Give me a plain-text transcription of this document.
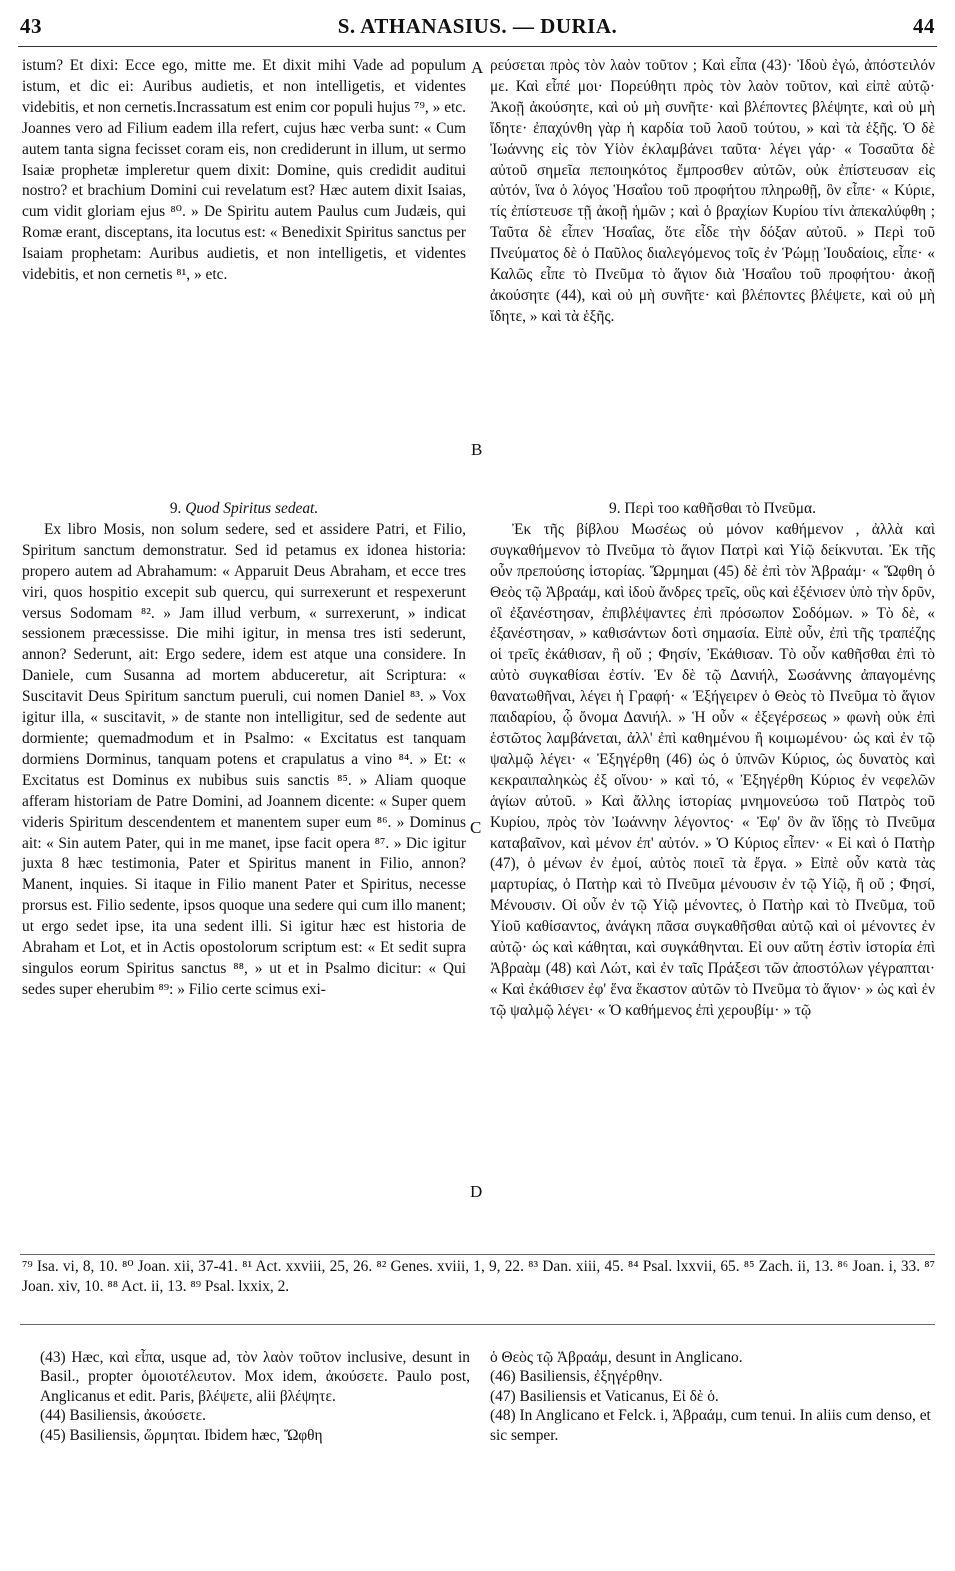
43	S. ATHANASIUS. — DURIA.	44

istum? Et dixi: Ecce ego, mitte me. Et dixit mihi Vade ad populum istum, et dic ei: Auribus audietis, et non intelligetis, et videntes videbitis, et non cernetis.Incrassatum est enim cor populi hujus ⁷⁹, » etc. Joannes vero ad Filium eadem illa refert, cujus hæc verba sunt: « Cum autem tanta signa fecisset coram eis, non crediderunt in illum, ut sermo Isaiæ prophetæ impleretur quem dixit: Domine, quis credidit auditui nostro? et brachium Domini cui revelatum est? Hæc autem dixit Isaias, cum vidit gloriam ejus ⁸⁰. » De Spiritu autem Paulus cum Judæis, qui Romæ erant, disceptans, ita locutus est: « Benedixit Spiritus sanctus per Isaiam prophetam: Auribus audietis, et non intelligetis, et videntes videbitis, et non cernetis ⁸¹, » etc.

ρεύσεται πρὸς τὸν λαὸν τοῦτον ; Καὶ εἶπα (43)· Ἰδοὺ ἐγώ, ἀπόστειλόν με. Καὶ εἶπέ μοι· Πορεύθητι πρὸς τὸν λαὸν τοῦτον, καὶ εἰπὲ αὐτῷ· Ἀκοῇ ἀκούσητε, καὶ οὐ μὴ συνῆτε· καὶ βλέποντες βλέψητε, καὶ οὐ μὴ ἴδητε· ἐπαχύνθη γὰρ ἡ καρδία τοῦ λαοῦ τούτου, » καὶ τὰ ἑξῆς. Ὁ δὲ Ἰωάννης εἰς τὸν Υἱὸν ἐκλαμβάνει ταῦτα· λέγει γάρ· « Τοσαῦτα δὲ αὐτοῦ σημεῖα πεποιηκότος ἔμπροσθεν αὐτῶν, οὐκ ἐπίστευσαν εἰς αὐτόν, ἵνα ὁ λόγος Ἡσαΐου τοῦ προφήτου πληρωθῇ, ὃν εἶπε· « Κύριε, τίς ἐπίστευσε τῇ ἀκοῇ ἡμῶν ; καὶ ὁ βραχίων Κυρίου τίνι ἀπεκαλύφθη ; Ταῦτα δὲ εἶπεν Ἡσαΐας, ὅτε εἶδε τὴν δόξαν αὐτοῦ. » Περὶ τοῦ Πνεύματος δὲ ὁ Παῦλος διαλεγόμενος τοῖς ἐν Ῥώμῃ Ἰουδαίοις, εἶπε· « Καλῶς εἶπε τὸ Πνεῦμα τὸ ἅγιον διὰ Ἡσαΐου τοῦ προφήτου· ἀκοῇ ἀκούσητε (44), καὶ οὐ μὴ συνῆτε· καὶ βλέποντες βλέψετε, καὶ οὐ μὴ ἴδητε, » καὶ τὰ ἑξῆς.

A
B
C
D

9. Quod Spiritus sedeat.

Ex libro Mosis, non solum sedere, sed et assidere Patri, et Filio, Spiritum sanctum demonstratur. Sed id petamus ex idonea historia: propero autem ad Abrahamum: « Apparuit Deus Abraham, et ecce tres viri, quos hospitio excepit sub quercu, qui surrexerunt et respexerunt versus Sodomam ⁸². » Jam illud verbum, « surrexerunt, » indicat sessionem præcessisse. Die mihi igitur, in mensa tres isti sederunt, annon? Sederunt, ait: Ergo sedere, idem est atque una considere. In Daniele, cum Susanna ad mortem abduceretur, ait Scriptura: « Suscitavit Deus Spiritum sanctum pueruli, cui nomen Daniel ⁸³. » Vox igitur illa, « suscitavit, » de stante non intelligitur, sed de sedente aut dormiente; quemadmodum et in Psalmo: « Excitatus est tanquam dormiens Dorminus, tanquam potens et crapulatus a vino ⁸⁴. » Et: « Excitatus est Dominus ex nubibus suis sanctis ⁸⁵. » Aliam quoque afferam historiam de Patre Domini, ad Joannem dicente: « Super quem videris Spiritum descendentem et manentem super eum ⁸⁶. » Dominus ait: « Sin autem Pater, qui in me manet, ipse facit opera ⁸⁷. » Dic igitur juxta 8 hæc testimonia, Pater et Spiritus manent in Filio, annon? Manent, inquies. Si itaque in Filio manent Pater et Spiritus, necesse prorsus est. Filio sedente, ipsos quoque una sedere qui cum illo manent; ut ergo sedet ipse, ita una sedent illi. Si igitur hæc est historia de Abraham et Lot, et in Actis opostolorum scriptum est: « Et sedit supra singulos eorum Spiritus sanctus ⁸⁸, » ut et in Psalmo dicitur: « Qui sedes super eherubim ⁸⁹: » Filio certe scimus exi-

9. Περὶ τοο καθῆσθαι τὸ Πνεῦμα.

Ἐκ τῆς βίβλου Μωσέως οὐ μόνον καθήμενον , ἀλλὰ καὶ συγκαθήμενον τὸ Πνεῦμα τὸ ἅγιον Πατρὶ καὶ Υἱῷ δείκνυται. Ἐκ τῆς οὖν πρεπούσης ἱστορίας. Ὥρμημαι (45) δὲ ἐπὶ τὸν Ἀβραάμ· « Ὤφθη ὁ Θεὸς τῷ Ἀβραάμ, καὶ ἰδοὺ ἄνδρες τρεῖς, οὓς καὶ ἐξένισεν ὑπὸ τὴν δρῦν, οἳ ἐξανέστησαν, ἐπιβλέψαντες ἐπὶ πρόσωπον Σοδόμων. » Τὸ δὲ, « ἐξανέστησαν, » καθισάντων δοτὶ σημασία. Εἰπὲ οὖν, ἐπὶ τῆς τραπέζης οἱ τρεῖς ἐκάθισαν, ἢ οὔ ; Φησίν, Ἐκάθισαν. Τὸ οὖν καθῆσθαι ἐπὶ τὸ αὐτὸ συγκαθίσαι ἐστίν. Ἐν δὲ τῷ Δανιήλ, Σωσάννης ἀπαγομένης θανατωθῆναι, λέγει ἡ Γραφή· « Ἐξήγειρεν ὁ Θεὸς τὸ Πνεῦμα τὸ ἅγιον παιδαρίου, ᾧ ὄνομα Δανιήλ. » Ἡ οὖν « ἐξεγέρσεως » φωνὴ οὐκ ἐπὶ ἑστῶτος λαμβάνεται, ἀλλ' ἐπὶ καθημένου ἢ κοιμωμένου· ὡς καὶ ἐν τῷ ψαλμῷ λέγει· « Ἐξηγέρθη (46) ὡς ὁ ὑπνῶν Κύριος, ὡς δυνατὸς καὶ κεκραιπαληκὼς ἐξ οἴνου· » καὶ τό, « Ἐξηγέρθη Κύριος ἐν νεφελῶν ἁγίων αὐτοῦ. » Καὶ ἄλλης ἱστορίας μνημονεύσω τοῦ Πατρὸς τοῦ Κυρίου, πρὸς τὸν Ἰωάννην λέγοντος· « Ἐφ' ὃν ἂν ἴδῃς τὸ Πνεῦμα καταβαῖνον, καὶ μένον ἐπ' αὐτόν. » Ὁ Κύριος εἶπεν· « Εἰ καὶ ὁ Πατὴρ (47), ὁ μένων ἐν ἐμοί, αὐτὸς ποιεῖ τὰ ἔργα. » Εἰπὲ οὖν κατὰ τὰς μαρτυρίας, ὁ Πατὴρ καὶ τὸ Πνεῦμα μένουσιν ἐν τῷ Υἱῷ, ἢ οὔ ; Φησί, Μένουσιν. Οἱ οὖν ἐν τῷ Υἱῷ μένοντες, ὁ Πατὴρ καὶ τὸ Πνεῦμα, τοῦ Υἱοῦ καθίσαντος, ἀνάγκη πᾶσα συγκαθῆσθαι αὐτῷ καὶ οἱ μένοντες ἐν αὐτῷ· ὡς καὶ κάθηται, καὶ συγκάθηνται. Εἰ ουν αὕτη ἐστὶν ἱστορία ἐπὶ Ἀβραὰμ (48) καὶ Λώτ, καὶ ἐν ταῖς Πράξεσι τῶν ἀποστόλων γέγραπται· « Καὶ ἐκάθισεν ἐφ' ἕνα ἕκαστον αὐτῶν τὸ Πνεῦμα τὸ ἅγιον· » ὡς καὶ ἐν τῷ ψαλμῷ λέγει· « Ὁ καθήμενος ἐπὶ χερουβίμ· » τῷ

⁷⁹ Isa. vi, 8, 10. ⁸⁰ Joan. xii, 37-41. ⁸¹ Act. xxviii, 25, 26. ⁸² Genes. xviii, 1, 9, 22. ⁸³ Dan. xiii, 45. ⁸⁴ Psal. lxxvii, 65. ⁸⁵ Zach. ii, 13. ⁸⁶ Joan. i, 33. ⁸⁷ Joan. xiv, 10. ⁸⁸ Act. ii, 13. ⁸⁹ Psal. lxxix, 2.

(43) Hæc, καὶ εἶπα, usque ad, τὸν λαὸν τοῦτον inclusive, desunt in Basil., propter ὁμοιοτέλευτον. Mox idem, ἀκούσετε. Paulo post, Anglicanus et edit. Paris, βλέψετε, alii βλέψητε.

(44) Basiliensis, ἀκούσετε.

(45) Basiliensis, ὥρμηται. Ibidem hæc, Ὤφθη

ὁ Θεὸς τῷ Ἀβραάμ, desunt in Anglicano.

(46) Basiliensis, ἐξηγέρθην.

(47) Basiliensis et Vaticanus, Εἰ δὲ ὁ.

(48) In Anglicano et Felck. i, Ἀβραάμ, cum tenui. In aliis cum denso, et sic semper.
